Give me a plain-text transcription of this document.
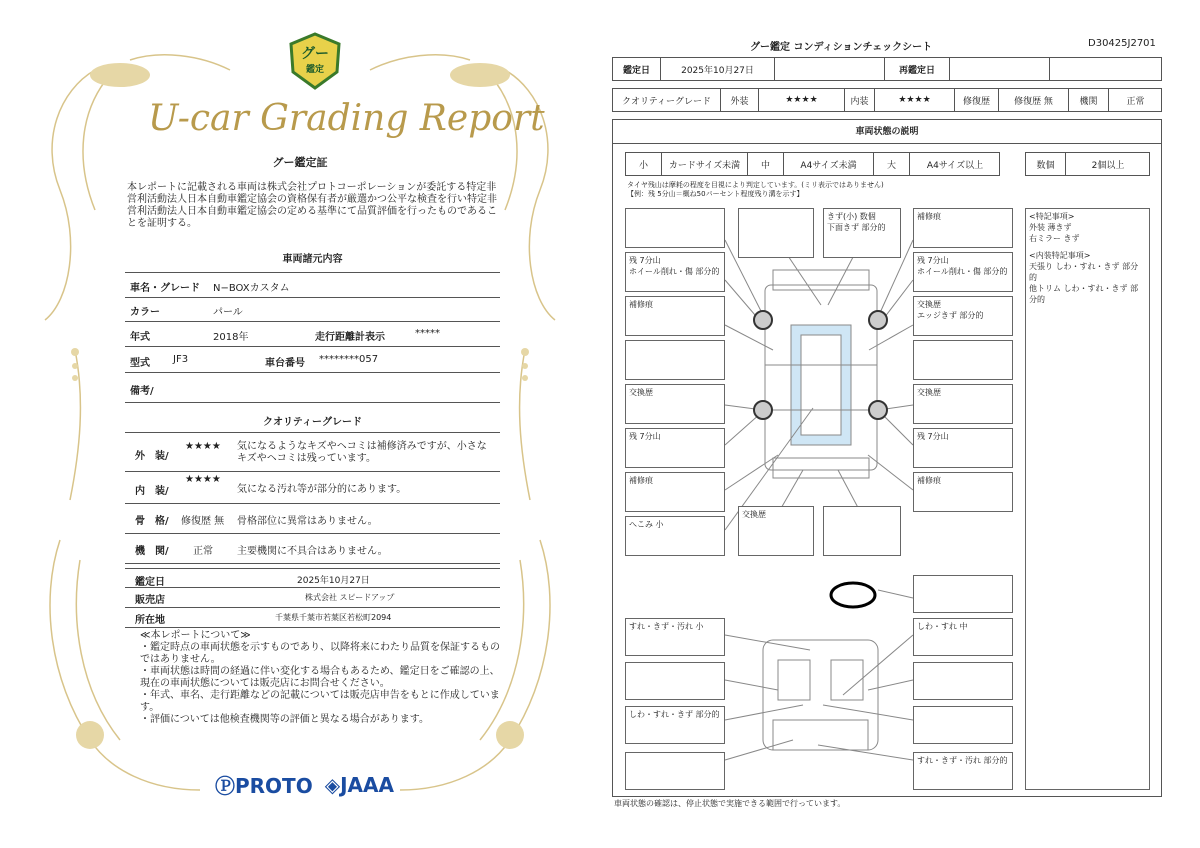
グー
鑑定
U-car Grading Report
グー鑑定証
本レポートに記載される車両は株式会社プロトコーポレーションが委託する特定非営利活動法人日本自動車鑑定協会の資格保有者が厳選かつ公平な検査を行い特定非営利活動法人日本自動車鑑定協会の定める基準にて品質評価を行ったものであることを証明する。
車両諸元内容
車名・グレード N−BOXカスタム
カラー	パール
年式	2018年	走行距離計表示	*****
型式 JF3	車台番号 ********057
備考/
クオリティーグレード
外　装/
★★★★ 気になるようなキズやヘコミは補修済みですが、小さなキズやヘコミは残っています。
内　装/
★★★★
気になる汚れ等が部分的にあります。
骨　格/ 修復歴 無 骨格部位に異常はありません。
機　関/ 正常 主要機関に不具合はありません。
鑑定日	2025年10月27日
販売店	株式会社 スピードアップ
所在地	千葉県千葉市若葉区若松町2094
≪本レポートについて≫
・鑑定時点の車両状態を示すものであり、以降将来にわたり品質を保証するものではありません。
・車両状態は時間の経過に伴い変化する場合もあるため、鑑定日をご確認の上、現在の車両状態については販売店にお問合せください。
・年式、車名、走行距離などの記載については販売店申告をもとに作成しています。
・評価については他検査機関等の評価と異なる場合があります。
ⓅPROTO ◈JAAA
グー鑑定 コンディションチェックシート	D30425J2701
鑑定日	2025年10月27日	再鑑定日
クオリティーグレード	外装	★★★★	内装	★★★★	修復歴	修復歴 無	機関	正常
車両状態の説明
小	カードサイズ未満	中	A4サイズ未満	大	A4サイズ以上	数個	2個以上
タイヤ残山は摩耗の程度を目視により判定しています。(ミリ表示ではありません)
【例：残 5分山＝概ね50パーセント程度残り溝を示す】
きず(小) 数個
下面きず 部分的
補修痕
残 7分山
ホイール削れ・傷 部分的
残 7分山
ホイール削れ・傷 部分的
補修痕	交換歴
エッジきず 部分的
交換歴	交換歴
残 7分山	残 7分山
補修痕	補修痕
へこみ 小
交換歴
すれ・きず・汚れ 小	しわ・すれ 中
しわ・すれ・きず 部分的
すれ・きず・汚れ 部分的
<特記事項>
外装 薄きず
右ミラー きず
<内装特記事項>
天張り しわ・すれ・きず 部分的
他トリム しわ・すれ・きず 部分的
車両状態の確認は、停止状態で実施できる範囲で行っています。
